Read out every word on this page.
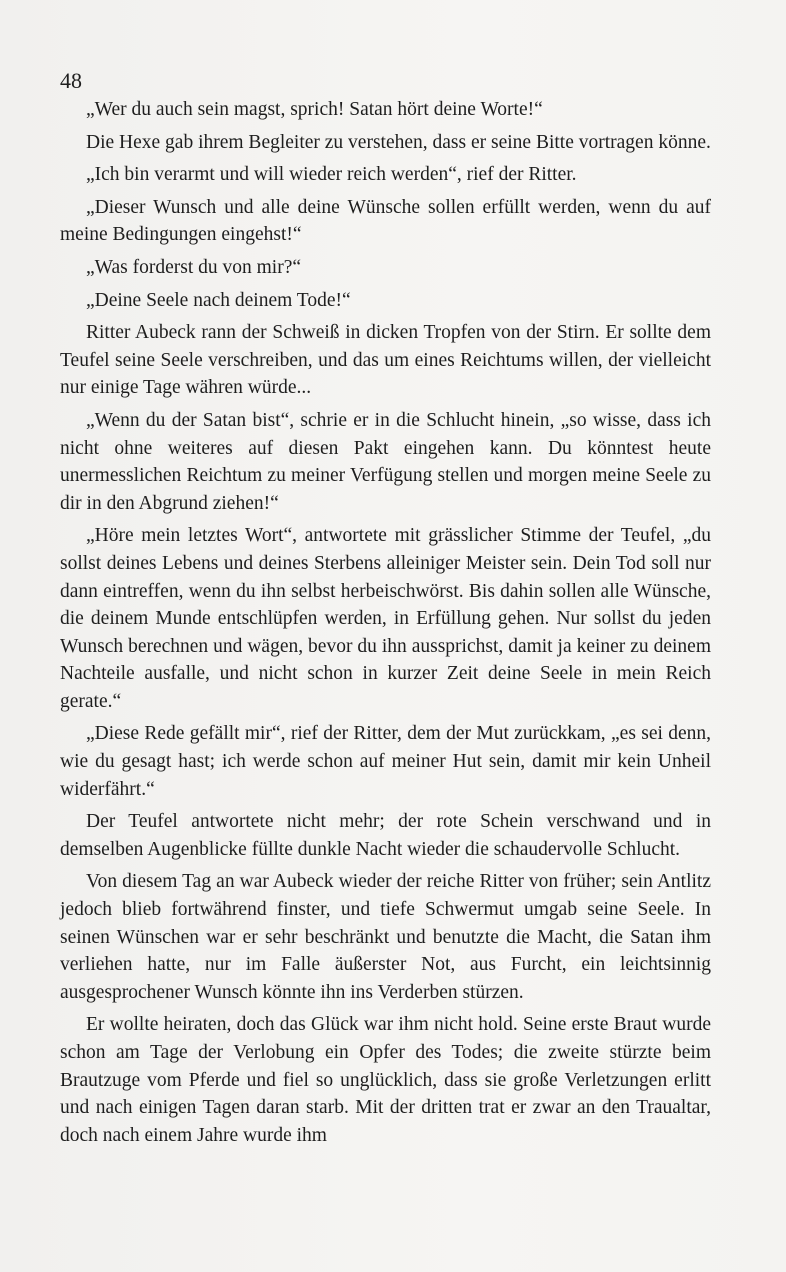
48

„Wer du auch sein magst, sprich! Satan hört deine Worte!“

Die Hexe gab ihrem Begleiter zu verstehen, dass er seine Bitte vortragen könne.

„Ich bin verarmt und will wieder reich werden“, rief der Ritter.

„Dieser Wunsch und alle deine Wünsche sollen erfüllt werden, wenn du auf meine Bedingungen eingehst!“

„Was forderst du von mir?“

„Deine Seele nach deinem Tode!“

Ritter Aubeck rann der Schweiß in dicken Tropfen von der Stirn. Er sollte dem Teufel seine Seele verschreiben, und das um eines Reichtums willen, der vielleicht nur einige Tage währen würde...

„Wenn du der Satan bist“, schrie er in die Schlucht hinein, „so wisse, dass ich nicht ohne weiteres auf diesen Pakt eingehen kann. Du könntest heute unermesslichen Reichtum zu meiner Verfügung stellen und morgen meine Seele zu dir in den Abgrund ziehen!“

„Höre mein letztes Wort“, antwortete mit grässlicher Stimme der Teufel, „du sollst deines Lebens und deines Sterbens alleiniger Meister sein. Dein Tod soll nur dann eintreffen, wenn du ihn selbst herbeischwörst. Bis dahin sollen alle Wünsche, die deinem Munde entschlüpfen werden, in Erfüllung gehen. Nur sollst du jeden Wunsch berechnen und wägen, bevor du ihn aussprichst, damit ja keiner zu deinem Nachteile ausfalle, und nicht schon in kurzer Zeit deine Seele in mein Reich gerate.“

„Diese Rede gefällt mir“, rief der Ritter, dem der Mut zurückkam, „es sei denn, wie du gesagt hast; ich werde schon auf meiner Hut sein, damit mir kein Unheil widerfährt.“

Der Teufel antwortete nicht mehr; der rote Schein verschwand und in demselben Augenblicke füllte dunkle Nacht wieder die schaudervolle Schlucht.

Von diesem Tag an war Aubeck wieder der reiche Ritter von früher; sein Antlitz jedoch blieb fortwährend finster, und tiefe Schwermut umgab seine Seele. In seinen Wünschen war er sehr beschränkt und benutzte die Macht, die Satan ihm verliehen hatte, nur im Falle äußerster Not, aus Furcht, ein leichtsinnig ausgesprochener Wunsch könnte ihn ins Verderben stürzen.

Er wollte heiraten, doch das Glück war ihm nicht hold. Seine erste Braut wurde schon am Tage der Verlobung ein Opfer des Todes; die zweite stürzte beim Brautzuge vom Pferde und fiel so unglücklich, dass sie große Verletzungen erlitt und nach einigen Tagen daran starb. Mit der dritten trat er zwar an den Traualtar, doch nach einem Jahre wurde ihm
